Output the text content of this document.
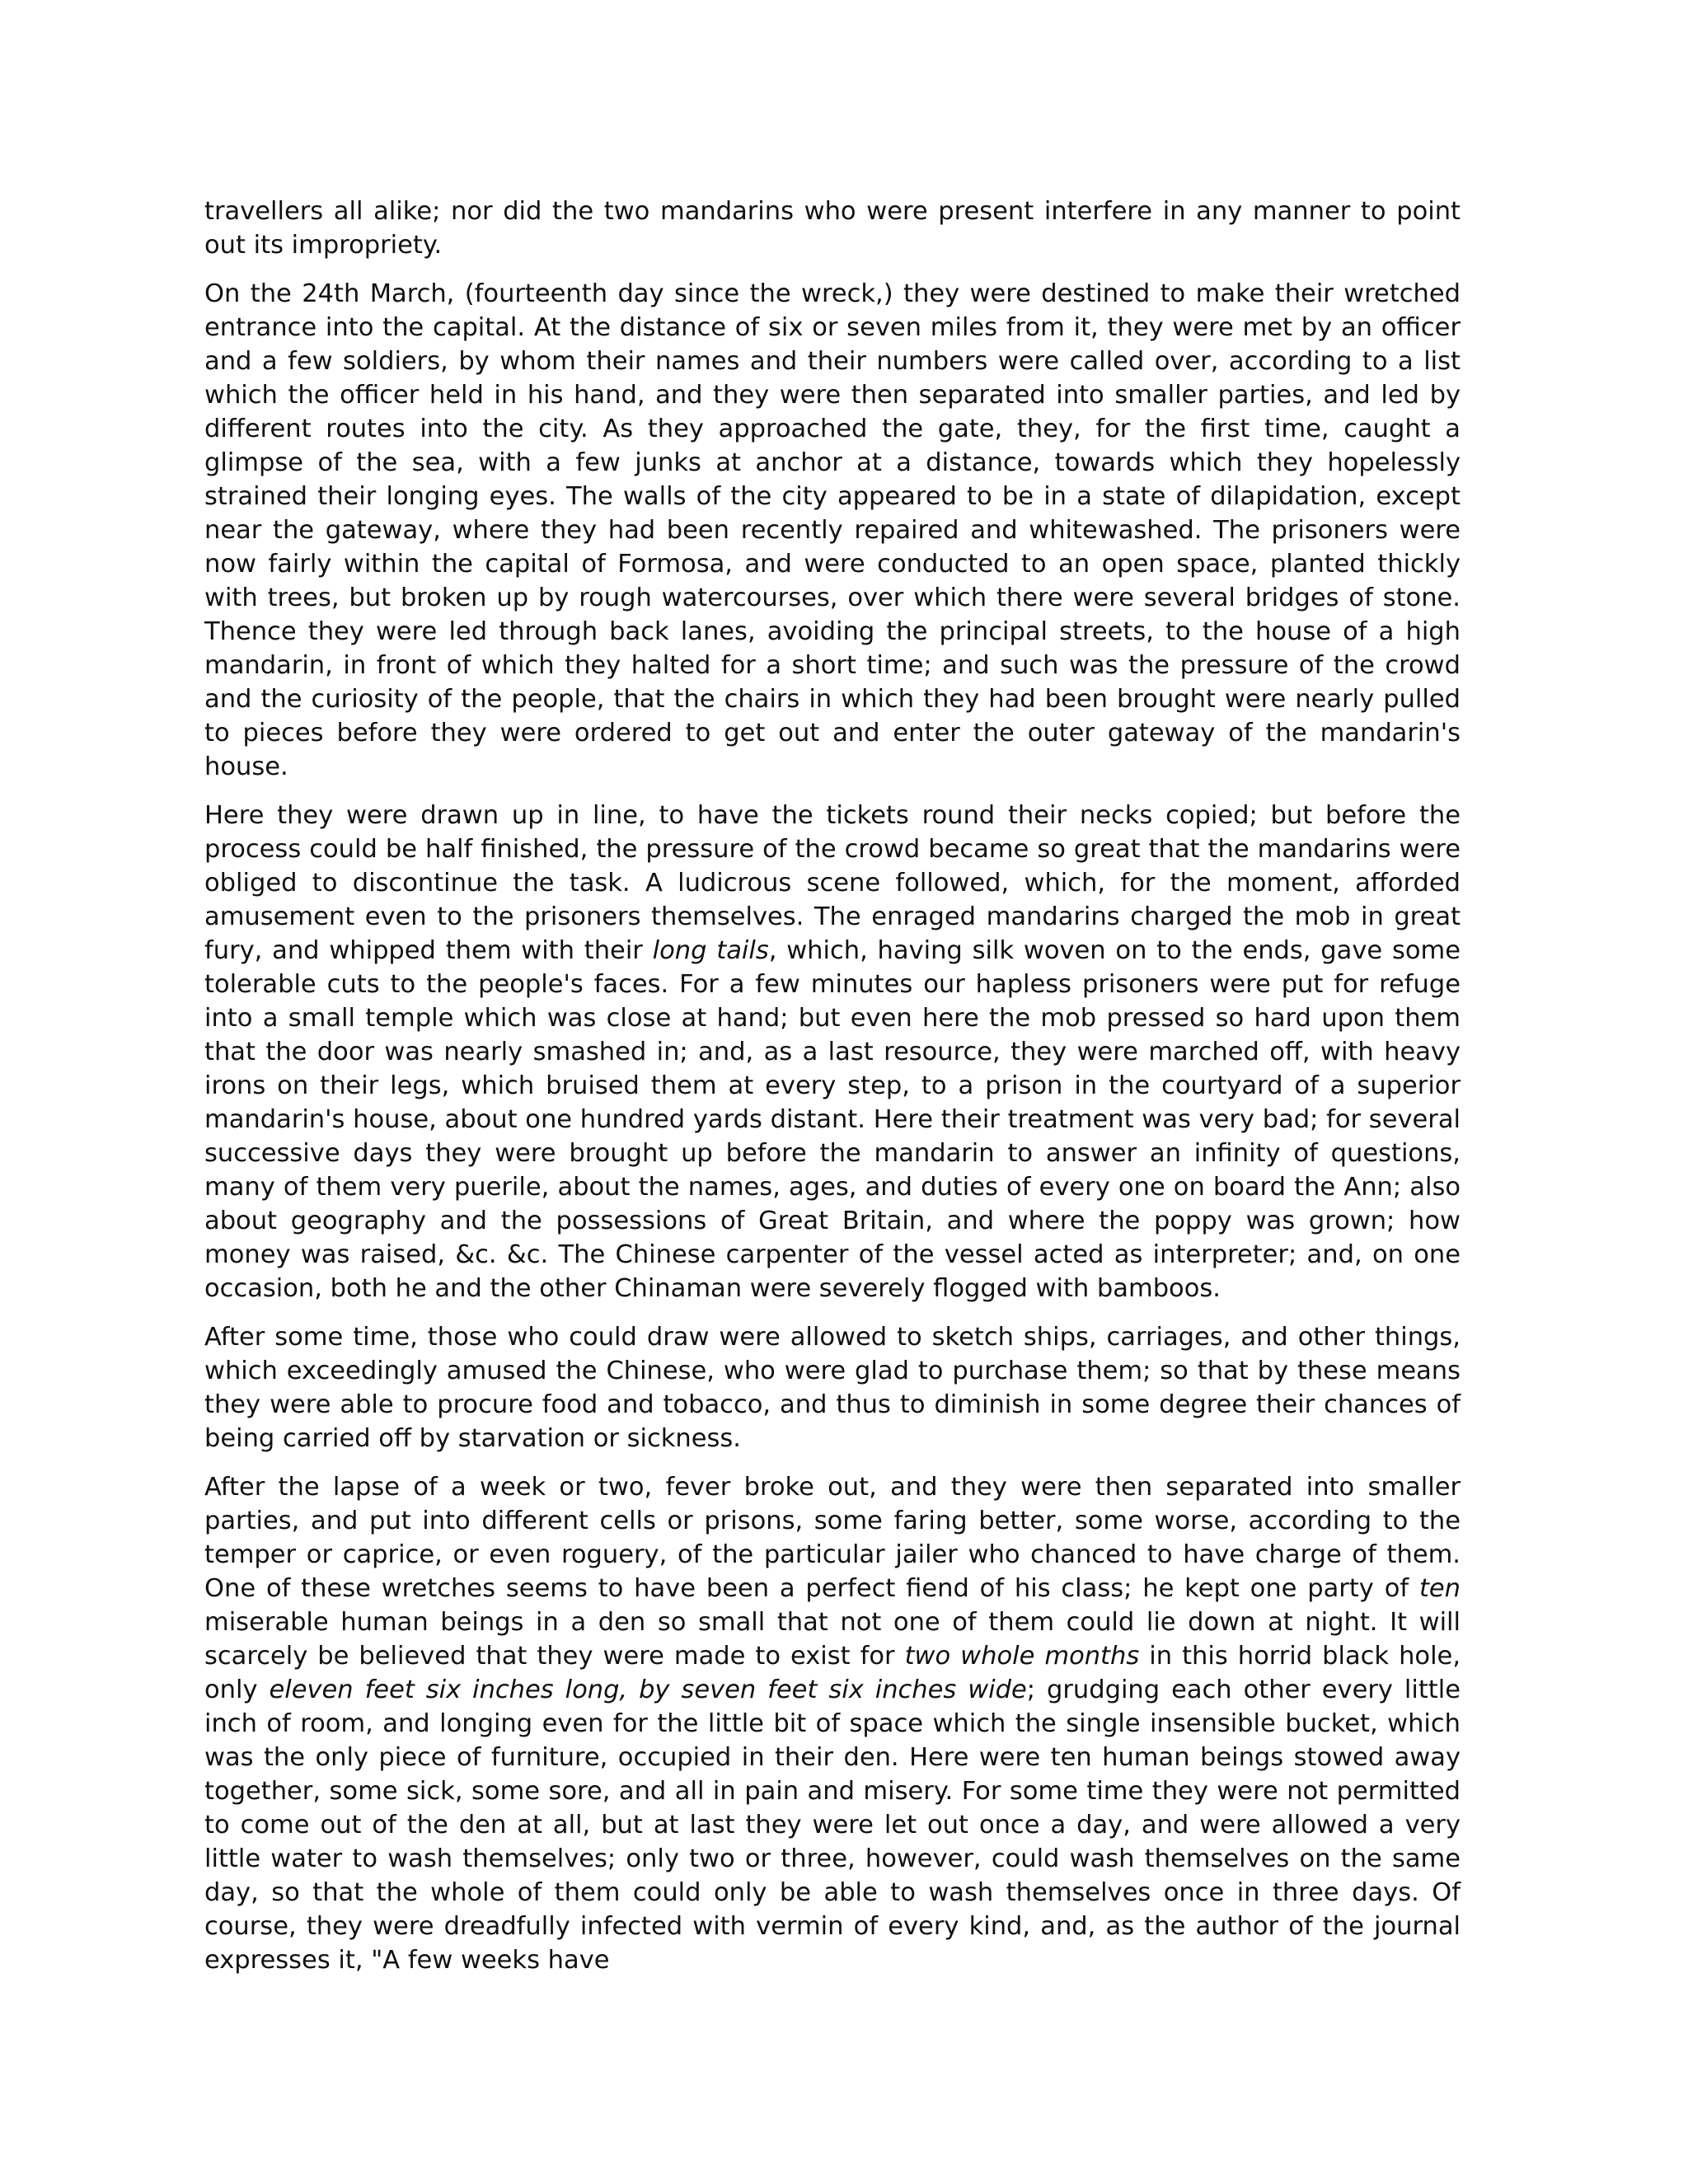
travellers all alike; nor did the two mandarins who were present interfere in any manner to point out its impropriety.

On the 24th March, (fourteenth day since the wreck,) they were destined to make their wretched entrance into the capital. At the distance of six or seven miles from it, they were met by an officer and a few soldiers, by whom their names and their numbers were called over, according to a list which the officer held in his hand, and they were then separated into smaller parties, and led by different routes into the city. As they approached the gate, they, for the first time, caught a glimpse of the sea, with a few junks at anchor at a distance, towards which they hopelessly strained their longing eyes. The walls of the city appeared to be in a state of dilapidation, except near the gateway, where they had been recently repaired and whitewashed. The prisoners were now fairly within the capital of Formosa, and were conducted to an open space, planted thickly with trees, but broken up by rough watercourses, over which there were several bridges of stone. Thence they were led through back lanes, avoiding the principal streets, to the house of a high mandarin, in front of which they halted for a short time; and such was the pressure of the crowd and the curiosity of the people, that the chairs in which they had been brought were nearly pulled to pieces before they were ordered to get out and enter the outer gateway of the mandarin's house.

Here they were drawn up in line, to have the tickets round their necks copied; but before the process could be half finished, the pressure of the crowd became so great that the mandarins were obliged to discontinue the task. A ludicrous scene followed, which, for the moment, afforded amusement even to the prisoners themselves. The enraged mandarins charged the mob in great fury, and whipped them with their long tails, which, having silk woven on to the ends, gave some tolerable cuts to the people's faces. For a few minutes our hapless prisoners were put for refuge into a small temple which was close at hand; but even here the mob pressed so hard upon them that the door was nearly smashed in; and, as a last resource, they were marched off, with heavy irons on their legs, which bruised them at every step, to a prison in the courtyard of a superior mandarin's house, about one hundred yards distant. Here their treatment was very bad; for several successive days they were brought up before the mandarin to answer an infinity of questions, many of them very puerile, about the names, ages, and duties of every one on board the Ann; also about geography and the possessions of Great Britain, and where the poppy was grown; how money was raised, &c. &c. The Chinese carpenter of the vessel acted as interpreter; and, on one occasion, both he and the other Chinaman were severely flogged with bamboos.

After some time, those who could draw were allowed to sketch ships, carriages, and other things, which exceedingly amused the Chinese, who were glad to purchase them; so that by these means they were able to procure food and tobacco, and thus to diminish in some degree their chances of being carried off by starvation or sickness.

After the lapse of a week or two, fever broke out, and they were then separated into smaller parties, and put into different cells or prisons, some faring better, some worse, according to the temper or caprice, or even roguery, of the particular jailer who chanced to have charge of them. One of these wretches seems to have been a perfect fiend of his class; he kept one party of ten miserable human beings in a den so small that not one of them could lie down at night. It will scarcely be believed that they were made to exist for two whole months in this horrid black hole, only eleven feet six inches long, by seven feet six inches wide; grudging each other every little inch of room, and longing even for the little bit of space which the single insensible bucket, which was the only piece of furniture, occupied in their den. Here were ten human beings stowed away together, some sick, some sore, and all in pain and misery. For some time they were not permitted to come out of the den at all, but at last they were let out once a day, and were allowed a very little water to wash themselves; only two or three, however, could wash themselves on the same day, so that the whole of them could only be able to wash themselves once in three days. Of course, they were dreadfully infected with vermin of every kind, and, as the author of the journal expresses it, "A few weeks have
